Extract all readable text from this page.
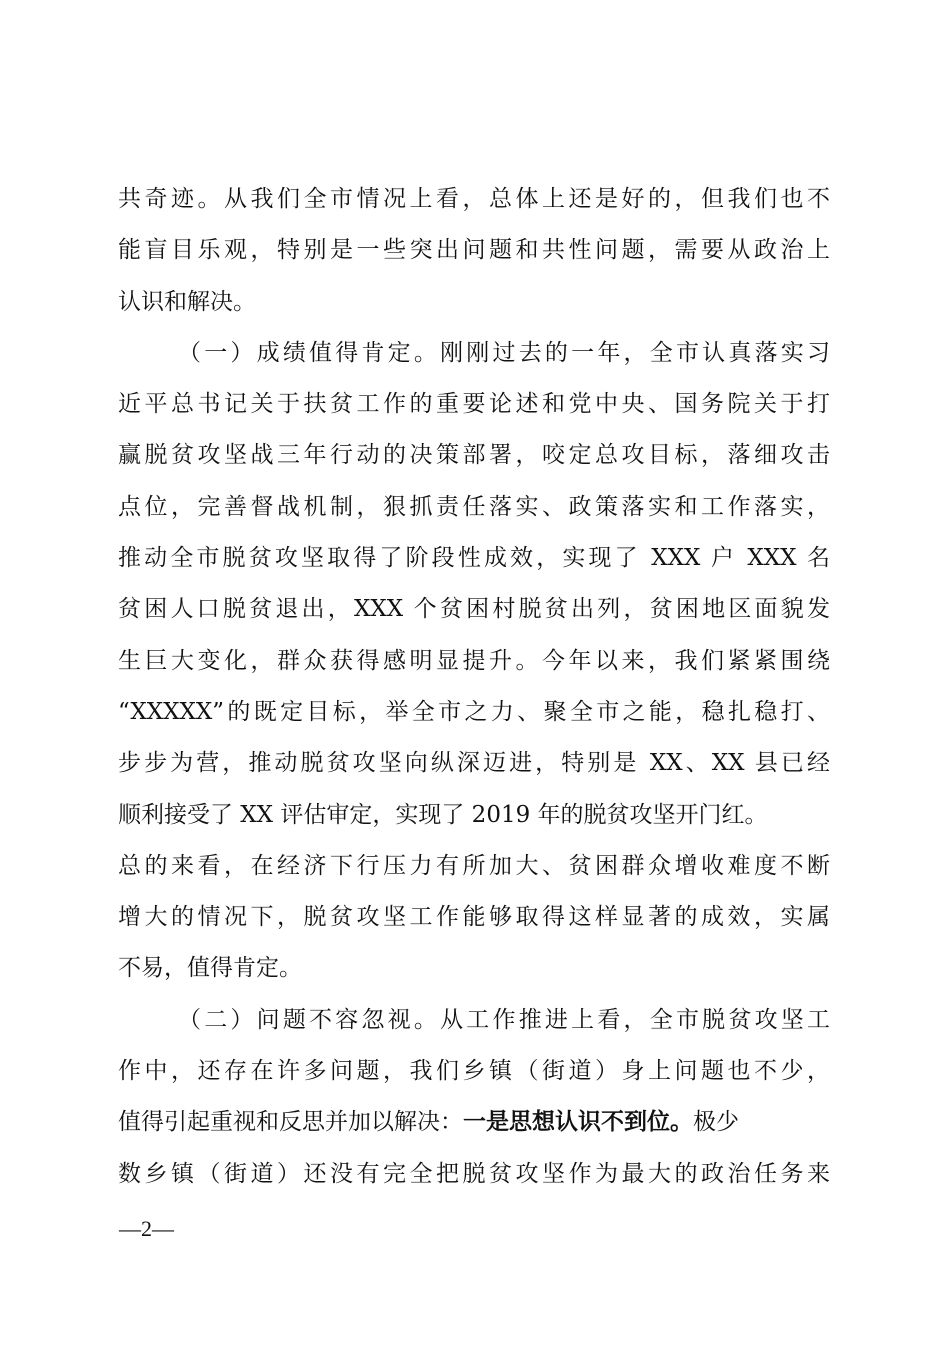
共奇迹。从我们全市情况上看，总体上还是好的，但我们也不
能盲目乐观，特别是一些突出问题和共性问题，需要从政治上
认识和解决。
（一）成绩值得肯定。刚刚过去的一年，全市认真落实习
近平总书记关于扶贫工作的重要论述和党中央、国务院关于打
赢脱贫攻坚战三年行动的决策部署，咬定总攻目标，落细攻击
点位，完善督战机制，狠抓责任落实、政策落实和工作落实，
推动全市脱贫攻坚取得了阶段性成效，实现了 XXX 户 XXX 名
贫困人口脱贫退出，XXX 个贫困村脱贫出列，贫困地区面貌发
生巨大变化，群众获得感明显提升。今年以来，我们紧紧围绕
“XXXXX”的既定目标，举全市之力、聚全市之能，稳扎稳打、
步步为营，推动脱贫攻坚向纵深迈进，特别是 XX、XX 县已经
顺利接受了 XX 评估审定，实现了 2019 年的脱贫攻坚开门红。
总的来看，在经济下行压力有所加大、贫困群众增收难度不断
增大的情况下，脱贫攻坚工作能够取得这样显著的成效，实属
不易，值得肯定。
（二）问题不容忽视。从工作推进上看，全市脱贫攻坚工
作中，还存在许多问题，我们乡镇（街道）身上问题也不少，
值得引起重视和反思并加以解决：一是思想认识不到位。极少
数乡镇（街道）还没有完全把脱贫攻坚作为最大的政治任务来
—2—
